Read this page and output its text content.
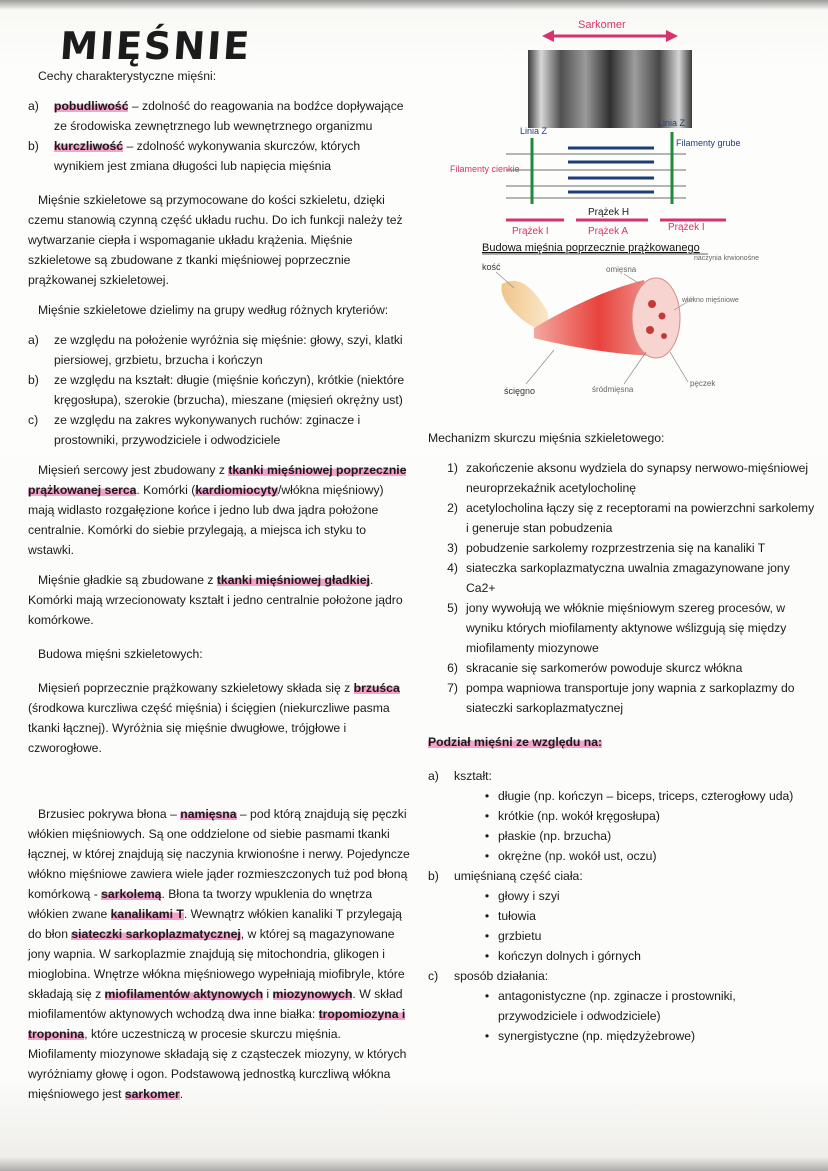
MIĘŚNIE

Cechy charakterystyczne mięśni:

a)	pobudliwość – zdolność do reagowania na bodźce dopływające ze środowiska zewnętrznego lub wewnętrznego organizmu
b)	kurczliwość – zdolność wykonywania skurczów, których wynikiem jest zmiana długości lub napięcia mięśnia

Mięśnie szkieletowe są przymocowane do kości szkieletu, dzięki czemu stanowią czynną część układu ruchu. Do ich funkcji należy też wytwarzanie ciepła i wspomaganie układu krążenia. Mięśnie szkieletowe są zbudowane z tkanki mięśniowej poprzecznie prążkowanej szkieletowej.

Mięśnie szkieletowe dzielimy na grupy według różnych kryteriów:

a)	ze względu na położenie wyróżnia się mięśnie: głowy, szyi, klatki piersiowej, grzbietu, brzucha i kończyn
b)	ze względu na kształt: długie (mięśnie kończyn), krótkie (niektóre kręgosłupa), szerokie (brzucha), mieszane (mięsień okrężny ust)
c)	ze względu na zakres wykonywanych ruchów: zginacze i prostowniki, przywodziciele i odwodziciele

Mięsień sercowy jest zbudowany z tkanki mięśniowej poprzecznie prążkowanej serca. Komórki (kardiomiocyty/włókna mięśniowy) mają widlasto rozgałęzione końce i jedno lub dwa jądra położone centralnie. Komórki do siebie przylegają, a miejsca ich styku to wstawki.

Mięśnie gładkie są zbudowane z tkanki mięśniowej gładkiej. Komórki mają wrzecionowaty kształt i jedno centralnie położone jądro komórkowe.

Budowa mięśni szkieletowych:

Mięsień poprzecznie prążkowany szkieletowy składa się z brzuśca (środkowa kurczliwa część mięśnia) i ścięgien (niekurczliwe pasma tkanki łącznej). Wyróżnia się mięśnie dwugłowe, trójgłowe i czworogłowe.

Brzusiec pokrywa błona – namięsna – pod którą znajdują się pęczki włókien mięśniowych. Są one oddzielone od siebie pasmami tkanki łącznej, w której znajdują się naczynia krwionośne i nerwy. Pojedyncze włókno mięśniowe zawiera wiele jąder rozmieszczonych tuż pod błoną komórkową - sarkolemą. Błona ta tworzy wpuklenia do wnętrza włókien zwane kanalikami T. Wewnątrz włókien kanaliki T przylegają do błon siateczki sarkoplazmatycznej, w której są magazynowane jony wapnia. W sarkoplazmie znajdują się mitochondria, glikogen i mioglobina. Wnętrze włókna mięśniowego wypełniają miofibryle, które składają się z miofilamentów aktynowych i miozynowych. W skład miofilamentów aktynowych wchodzą dwa inne białka: tropomiozyna i troponina, które uczestniczą w procesie skurczu mięśnia. Miofilamenty miozynowe składają się z cząsteczek miozyny, w których wyróżniamy głowę i ogon. Podstawową jednostką kurczliwą włókna mięśniowego jest sarkomer.

Sarkomer
Linia Z
Linia Z
Filamenty grube
Filamenty cienkie
Prążek H
Prążek I	Prążek A	Prążek I
Budowa mięśnia poprzecznie prążkowanego
kość	omięsna
naczynia krwionośne
włókno mięśniowe
ścięgno	śródmięsna
pęczek

Mechanizm skurczu mięśnia szkieletowego:

1) zakończenie aksonu wydziela do synapsy nerwowo-mięśniowej neuroprzekaźnik acetylocholinę
2) acetylocholina łączy się z receptorami na powierzchni sarkolemy i generuje stan pobudzenia
3) pobudzenie sarkolemy rozprzestrzenia się na kanaliki T
4) siateczka sarkoplazmatyczna uwalnia zmagazynowane jony Ca2+
5) jony wywołują we włóknie mięśniowym szereg procesów, w wyniku których miofilamenty aktynowe wślizgują się między miofilamenty miozynowe
6) skracanie się sarkomerów powoduje skurcz włókna
7) pompa wapniowa transportuje jony wapnia z sarkoplazmy do siateczki sarkoplazmatycznej

Podział mięśni ze względu na:

a)	kształt:
• długie (np. kończyn – biceps, triceps, czterogłowy uda)
• krótkie (np. wokół kręgosłupa)
• płaskie (np. brzucha)
• okrężne (np. wokół ust, oczu)
b)	umięśnianą część ciała:
• głowy i szyi
• tułowia
• grzbietu
• kończyn dolnych i górnych
c)	sposób działania:
• antagonistyczne (np. zginacze i prostowniki, przywodziciele i odwodziciele)
• synergistyczne (np. międzyżebrowe)
